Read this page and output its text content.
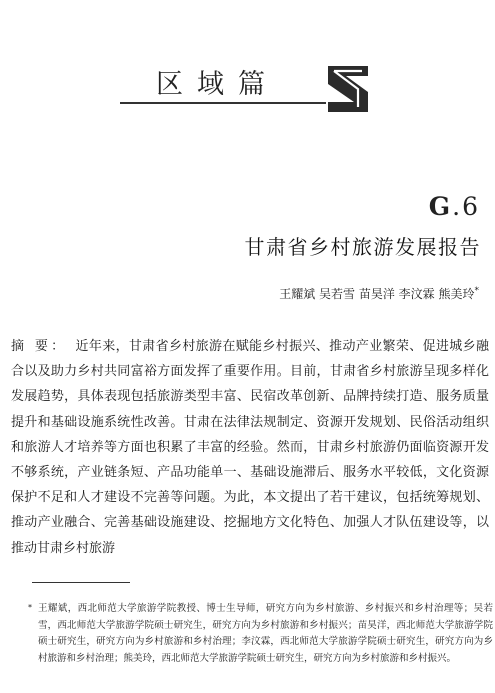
区域篇
G.6
甘肃省乡村旅游发展报告
王耀斌 吴若雪 苗昊洋 李汶霖 熊美玲*
摘 要： 近年来，甘肃省乡村旅游在赋能乡村振兴、推动产业繁荣、促进城乡融合以及助力乡村共同富裕方面发挥了重要作用。目前，甘肃省乡村旅游呈现多样化发展趋势，具体表现包括旅游类型丰富、民宿改革创新、品牌持续打造、服务质量提升和基础设施系统性改善。甘肃在法律法规制定、资源开发规划、民俗活动组织和旅游人才培养等方面也积累了丰富的经验。然而，甘肃乡村旅游仍面临资源开发不够系统，产业链条短、产品功能单一、基础设施滞后、服务水平较低，文化资源保护不足和人才建设不完善等问题。为此，本文提出了若干建议，包括统筹规划、推动产业融合、完善基础设施建设、挖掘地方文化特色、加强人才队伍建设等，以推动甘肃乡村旅游
* 王耀斌，西北师范大学旅游学院教授、博士生导师，研究方向为乡村旅游、乡村振兴和乡村治理等；吴若雪，西北师范大学旅游学院硕士研究生，研究方向为乡村旅游和乡村振兴；苗昊洋，西北师范大学旅游学院硕士研究生，研究方向为乡村旅游和乡村治理；李汶霖，西北师范大学旅游学院硕士研究生，研究方向为乡村旅游和乡村治理；熊美玲，西北师范大学旅游学院硕士研究生，研究方向为乡村旅游和乡村振兴。
